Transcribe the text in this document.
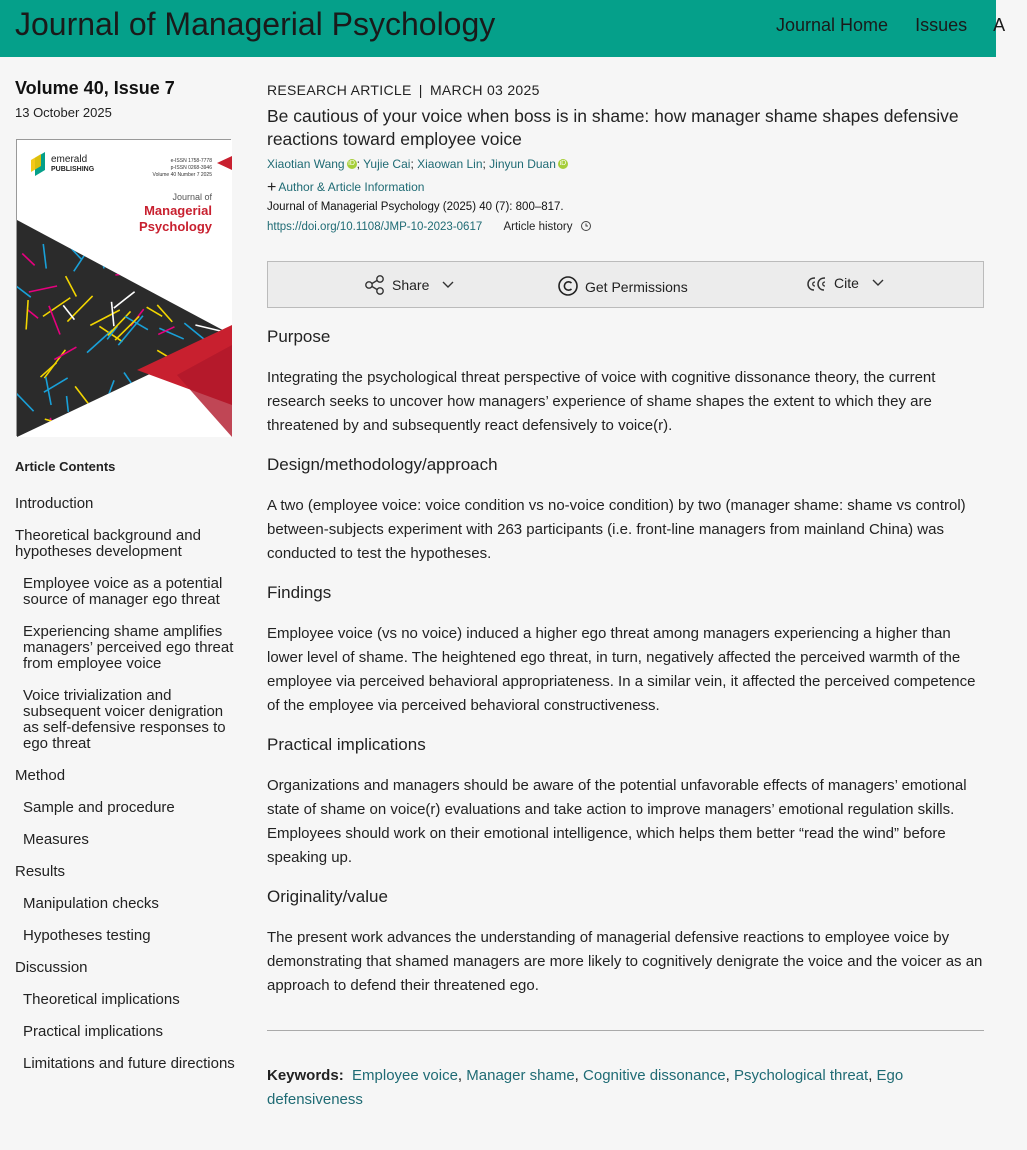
Journal of Managerial Psychology	Journal Home Issues A
Volume 40, Issue 7
13 October 2025
emerald
PUBLISHING
e-ISSN 1758-7778
p-ISSN 0268-3946
Volume 40 Number 7 2025
Journal of
Managerial
Psychology
Article Contents
Introduction
Theoretical background and hypotheses development
Employee voice as a potential source of manager ego threat
Experiencing shame amplifies managers’ perceived ego threat from employee voice
Voice trivialization and subsequent voicer denigration as self-defensive responses to ego threat
Method
Sample and procedure
Measures
Results
Manipulation checks
Hypotheses testing
Discussion
Theoretical implications
Practical implications
Limitations and future directions
RESEARCH ARTICLE | MARCH 03 2025
Be cautious of your voice when boss is in shame: how manager shame shapes defensive reactions toward employee voice
Xiaotian Wang iD ; Yujie Cai; Xiaowan Lin; Jinyun Duan iD
+ Author & Article Information
Journal of Managerial Psychology (2025) 40 (7): 800–817.
https://doi.org/10.1108/JMP-10-2023-0617 Article history
Share	Get Permissions	Cite
Purpose
Integrating the psychological threat perspective of voice with cognitive dissonance theory, the current research seeks to uncover how managers’ experience of shame shapes the extent to which they are threatened by and subsequently react defensively to voice(r).
Design/methodology/approach
A two (employee voice: voice condition vs no-voice condition) by two (manager shame: shame vs control) between-subjects experiment with 263 participants (i.e. front-line managers from mainland China) was conducted to test the hypotheses.
Findings
Employee voice (vs no voice) induced a higher ego threat among managers experiencing a higher than lower level of shame. The heightened ego threat, in turn, negatively affected the perceived warmth of the employee via perceived behavioral appropriateness. In a similar vein, it affected the perceived competence of the employee via perceived behavioral constructiveness.
Practical implications
Organizations and managers should be aware of the potential unfavorable effects of managers’ emotional state of shame on voice(r) evaluations and take action to improve managers’ emotional regulation skills. Employees should work on their emotional intelligence, which helps them better “read the wind” before speaking up.
Originality/value
The present work advances the understanding of managerial defensive reactions to employee voice by demonstrating that shamed managers are more likely to cognitively denigrate the voice and the voicer as an approach to defend their threatened ego.
Keywords: Employee voice, Manager shame, Cognitive dissonance, Psychological threat, Ego defensiveness
